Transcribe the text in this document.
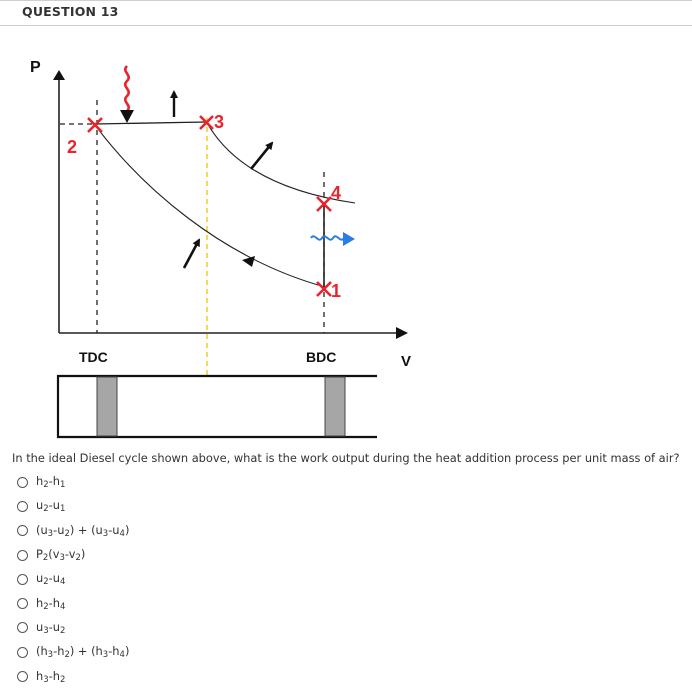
QUESTION 13
P
V
2
3
4
1
TDC	BDC
In the ideal Diesel cycle shown above, what is the work output during the heat addition process per unit mass of air?
$h_2-h_1$
$u_2-u_1$
$(u_3-u_2) + (u_3-u_4)$
$P_2(v_3-v_2)$
$u_2-u_4$
$h_2-h_4$
$u_3-u_2$
$(h_3-h_2) + (h_3-h_4)$
$h_3-h_2$
